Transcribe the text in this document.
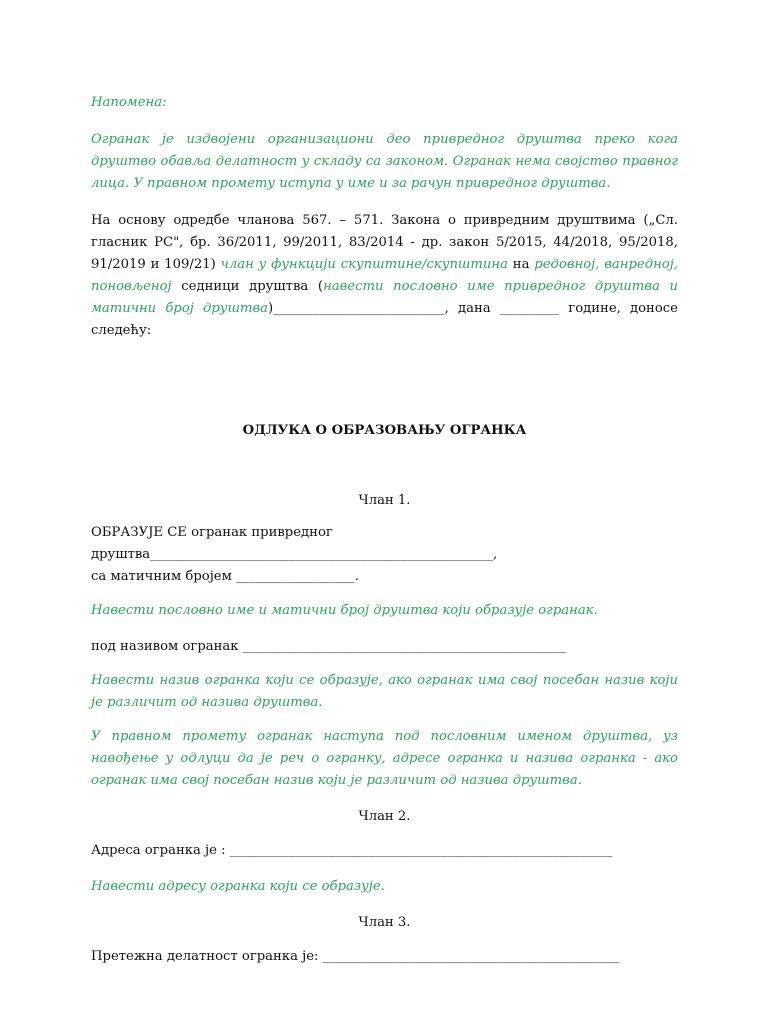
Напомена:

Огранак је издвојени организациони део привредног друштва преко кога друштво обавља делатност у складу са законом. Огранак нема својство правног лица. У правном промету иступа у име и за рачун привредног друштва.

На основу одредбе чланова 567. – 571. Закона о привредним друштвима („Сл. гласник РС", бр. 36/2011, 99/2011, 83/2014 - др. закон 5/2015, 44/2018, 95/2018, 91/2019 и 109/21) члан у функцији скупштине/скупштина на редовној, ванредној, поновљеној седници друштва (навести пословно име привредног друштва и матични број друштва)__________________________, дана _________ године, доносе следећу:

ОДЛУКА О ОБРАЗОВАЊУ ОГРАНКА

Члан 1.

ОБРАЗУЈЕ СЕ огранак привредног друштва____________________________________________________,

са матичним бројем __________________.

Навести пословно име и матични број друштва који образује огранак.

под називом огранак _________________________________________________

Навести назив огранка који се образује, ако огранак има свој посебан назив који је различит од назива друштва.

У правном промету огранак наступа под пословним именом друштва, уз навођење у одлуци да је реч о огранку, адресе огранка и назива огранка - ако огранак има свој посебан назив који је различит од назива друштва.

Члан 2.

Адреса огранка је : __________________________________________________________

Навести адресу огранка који се образује.

Члан 3.

Претежна делатност огранка је: _____________________________________________
